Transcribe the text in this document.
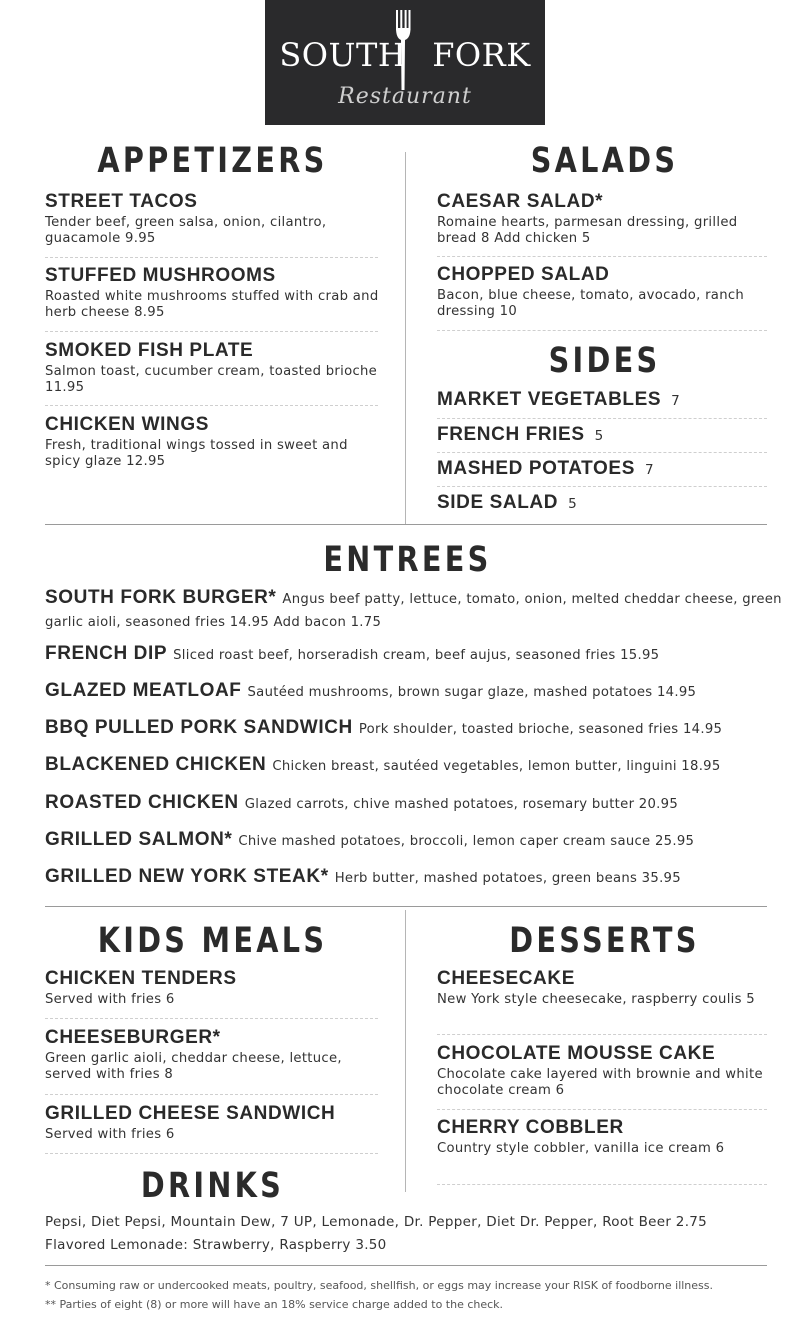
SOUTH FORK
Restaurant
APPETIZERS
STREET TACOS
Tender beef, green salsa, onion, cilantro, guacamole 9.95
STUFFED MUSHROOMS
Roasted white mushrooms stuffed with crab and herb cheese 8.95
SMOKED FISH PLATE
Salmon toast, cucumber cream, toasted brioche 11.95
CHICKEN WINGS
Fresh, traditional wings tossed in sweet and spicy glaze 12.95
SALADS
CAESAR SALAD*
Romaine hearts, parmesan dressing, grilled bread 8 Add chicken 5
CHOPPED SALAD
Bacon, blue cheese, tomato, avocado, ranch dressing 10
SIDES
MARKET VEGETABLES 7
FRENCH FRIES 5
MASHED POTATOES 7
SIDE SALAD 5
ENTREES
SOUTH FORK BURGER* Angus beef patty, lettuce, tomato, onion, melted cheddar cheese, green garlic aioli, seasoned fries 14.95 Add bacon 1.75
FRENCH DIP Sliced roast beef, horseradish cream, beef aujus, seasoned fries 15.95
GLAZED MEATLOAF Sautéed mushrooms, brown sugar glaze, mashed potatoes 14.95
BBQ PULLED PORK SANDWICH Pork shoulder, toasted brioche, seasoned fries 14.95
BLACKENED CHICKEN Chicken breast, sautéed vegetables, lemon butter, linguini 18.95
ROASTED CHICKEN Glazed carrots, chive mashed potatoes, rosemary butter 20.95
GRILLED SALMON* Chive mashed potatoes, broccoli, lemon caper cream sauce 25.95
GRILLED NEW YORK STEAK* Herb butter, mashed potatoes, green beans 35.95
KIDS MEALS
CHICKEN TENDERS
Served with fries 6
CHEESEBURGER*
Green garlic aioli, cheddar cheese, lettuce, served with fries 8
GRILLED CHEESE SANDWICH
Served with fries 6
DESSERTS
CHEESECAKE
New York style cheesecake, raspberry coulis 5
CHOCOLATE MOUSSE CAKE
Chocolate cake layered with brownie and white chocolate cream 6
CHERRY COBBLER
Country style cobbler, vanilla ice cream 6
DRINKS
Pepsi, Diet Pepsi, Mountain Dew, 7 UP, Lemonade, Dr. Pepper, Diet Dr. Pepper, Root Beer 2.75
Flavored Lemonade: Strawberry, Raspberry 3.50
* Consuming raw or undercooked meats, poultry, seafood, shellfish, or eggs may increase your RISK of foodborne illness.
** Parties of eight (8) or more will have an 18% service charge added to the check.
